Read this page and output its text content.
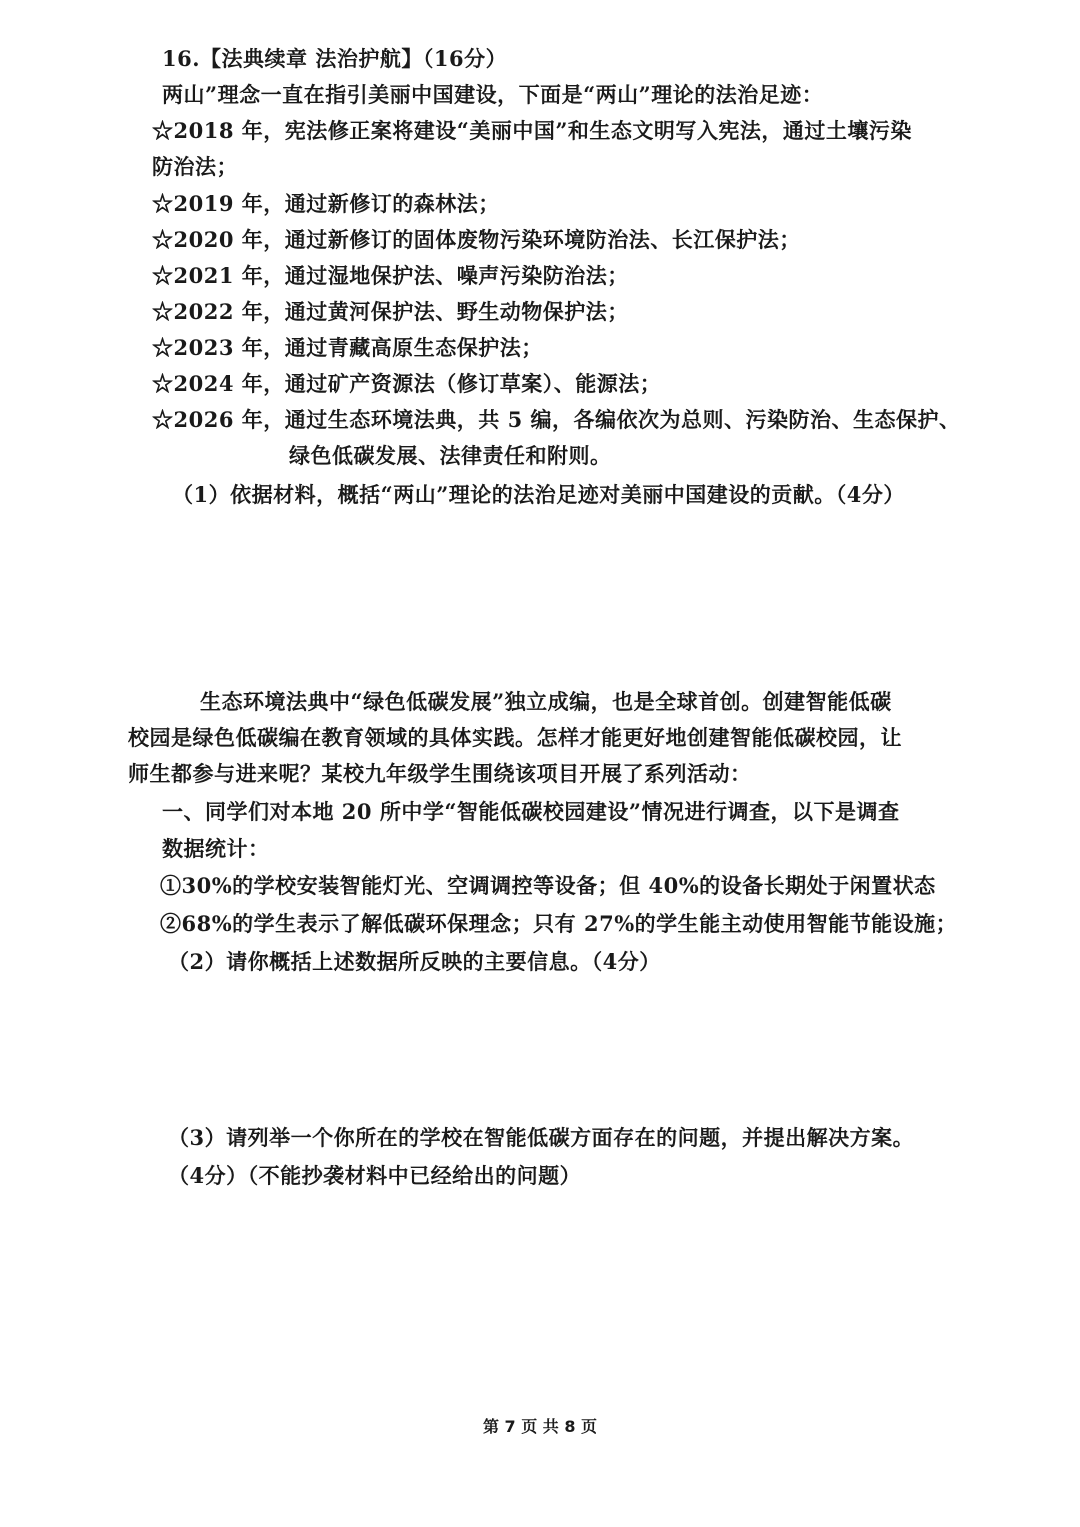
16.【法典续章 法治护航】（16分）
两山”理念一直在指引美丽中国建设，下面是“两山”理论的法治足迹：
☆2018 年，宪法修正案将建设“美丽中国”和生态文明写入宪法，通过土壤污染
防治法；
☆2019 年，通过新修订的森林法；
☆2020 年，通过新修订的固体废物污染环境防治法、长江保护法；
☆2021 年，通过湿地保护法、噪声污染防治法；
☆2022 年，通过黄河保护法、野生动物保护法；
☆2023 年，通过青藏高原生态保护法；
☆2024 年，通过矿产资源法（修订草案）、能源法；
☆2026 年，通过生态环境法典，共 5 编，各编依次为总则、污染防治、生态保护、
绿色低碳发展、法律责任和附则。
（1）依据材料，概括“两山”理论的法治足迹对美丽中国建设的贡献。（4分）
生态环境法典中“绿色低碳发展”独立成编，也是全球首创。创建智能低碳
校园是绿色低碳编在教育领域的具体实践。怎样才能更好地创建智能低碳校园，让
师生都参与进来呢？某校九年级学生围绕该项目开展了系列活动：
一、同学们对本地 20 所中学“智能低碳校园建设”情况进行调查，以下是调查
数据统计：
①30%的学校安装智能灯光、空调调控等设备；但 40%的设备长期处于闲置状态
②68%的学生表示了解低碳环保理念；只有 27%的学生能主动使用智能节能设施；
（2）请你概括上述数据所反映的主要信息。（4分）
（3）请列举一个你所在的学校在智能低碳方面存在的问题，并提出解决方案。
（4分）（不能抄袭材料中已经给出的问题）
第 7 页 共 8 页
